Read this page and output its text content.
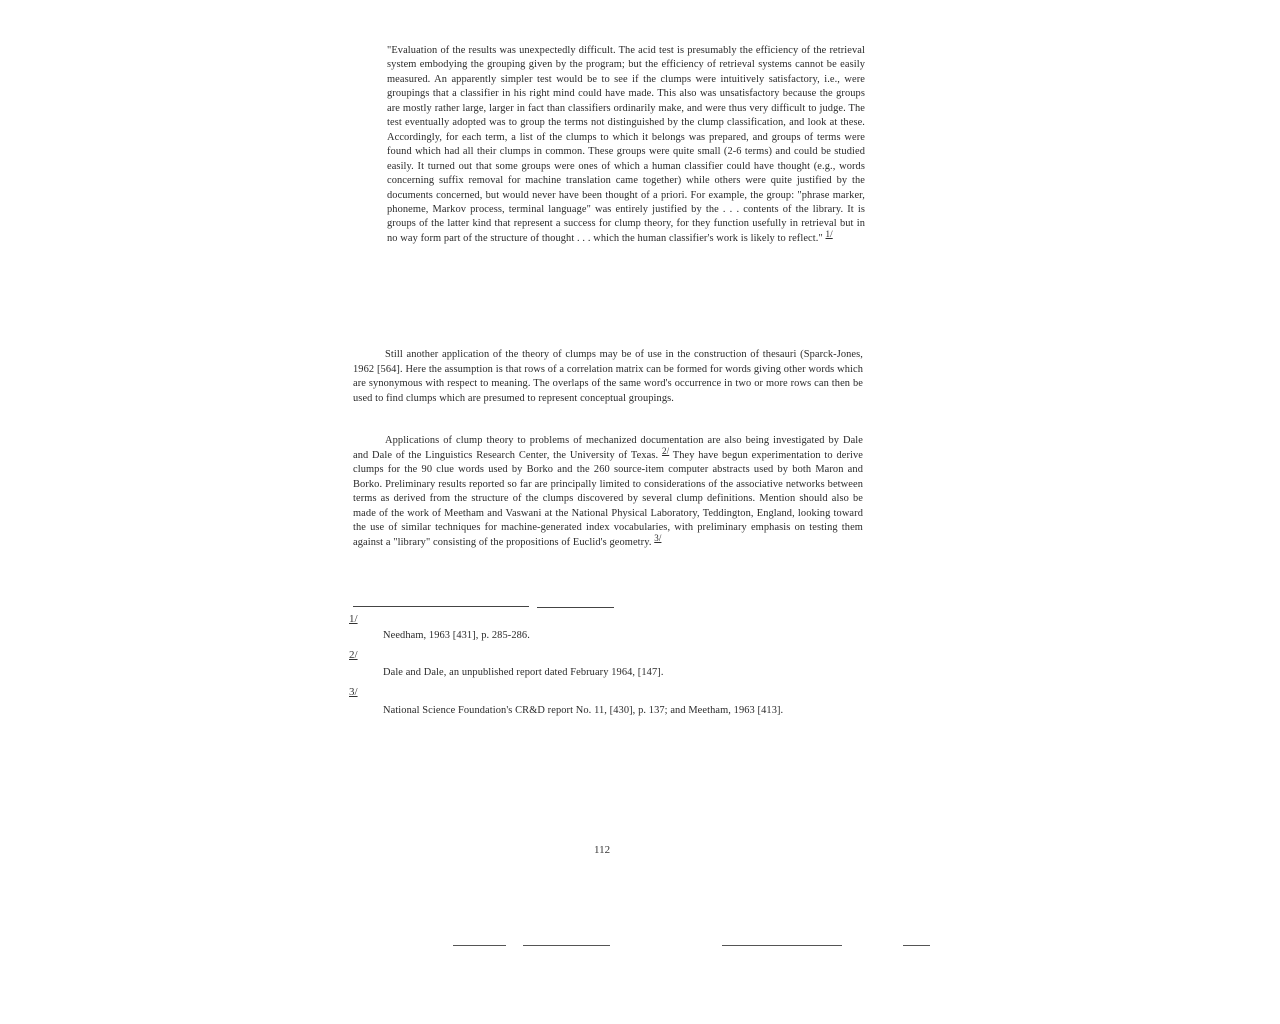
"Evaluation of the results was unexpectedly difficult. The acid test is presumably the efficiency of the retrieval system embodying the grouping given by the program; but the efficiency of retrieval systems cannot be easily measured. An apparently simpler test would be to see if the clumps were intuitively satisfactory, i.e., were groupings that a classifier in his right mind could have made. This also was unsatisfactory because the groups are mostly rather large, larger in fact than classifiers ordinarily make, and were thus very difficult to judge. The test eventually adopted was to group the terms not distinguished by the clump classification, and look at these. Accordingly, for each term, a list of the clumps to which it belongs was prepared, and groups of terms were found which had all their clumps in common. These groups were quite small (2-6 terms) and could be studied easily. It turned out that some groups were ones of which a human classifier could have thought (e.g., words concerning suffix removal for machine translation came together) while others were quite justified by the documents concerned, but would never have been thought of a priori. For example, the group: "phrase marker, phoneme, Markov process, terminal language" was entirely justified by the . . . contents of the library. It is groups of the latter kind that represent a success for clump theory, for they function usefully in retrieval but in no way form part of the structure of thought . . . which the human classifier's work is likely to reflect." $^{1/}$
Still another application of the theory of clumps may be of use in the construction of thesauri (Sparck-Jones, 1962 [564]. Here the assumption is that rows of a correlation matrix can be formed for words giving other words which are synonymous with respect to meaning. The overlaps of the same word's occurrence in two or more rows can then be used to find clumps which are presumed to represent conceptual groupings.
Applications of clump theory to problems of mechanized documentation are also being investigated by Dale and Dale of the Linguistics Research Center, the University of Texas. $^{2/}$ They have begun experimentation to derive clumps for the 90 clue words used by Borko and the 260 source-item computer abstracts used by both Maron and Borko. Preliminary results reported so far are principally limited to considerations of the associative networks between terms as derived from the structure of the clumps discovered by several clump definitions. Mention should also be made of the work of Meetham and Vaswani at the National Physical Laboratory, Teddington, England, looking toward the use of similar techniques for machine-generated index vocabularies, with preliminary emphasis on testing them against a "library" consisting of the propositions of Euclid's geometry. $^{3/}$
1/
Needham, 1963 [431], p. 285-286.
2/
Dale and Dale, an unpublished report dated February 1964, [147].
3/
National Science Foundation's CR&D report No. 11, [430], p. 137; and Meetham, 1963 [413].
112
